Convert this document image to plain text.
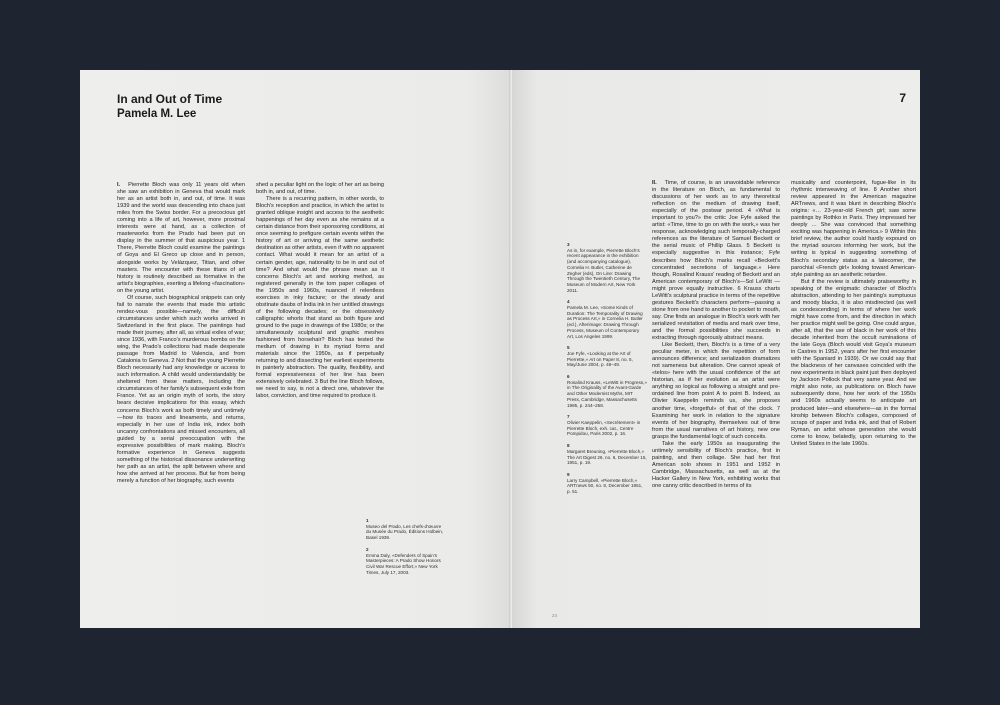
In and Out of Time
Pamela M. Lee

I. Pierrette Bloch was only 11 years old when she saw an exhibition in Geneva that would mark her as an artist both in, and out, of time. It was 1939 and the world was descending into chaos just miles from the Swiss border. For a precocious girl coming into a life of art, however, more proximal interests were at hand, as a collection of masterworks from the Prado had been put on display in the summer of that auspicious year. 1 There, Pierrette Bloch could examine the paintings of Goya and El Greco up close and in person, alongside works by Velázquez, Titian, and other masters. The encounter with these titans of art history is routinely described as formative in the artist's biographies, exerting a lifelong «fascination» on the young artist.

Of course, such biographical snippets can only fail to narrate the events that made this artistic rendez-vous possible—namely, the difficult circumstances under which such works arrived in Switzerland in the first place. The paintings had made their journey, after all, as virtual exiles of war; since 1936, with Franco's murderous bombs on the wing, the Prado's collections had made desperate passage from Madrid to Valencia, and from Catalonia to Geneva. 2 Not that the young Pierrette Bloch necessarily had any knowledge or access to such information. A child would understandably be sheltered from these matters, including the circumstances of her family's subsequent exile from France. Yet as an origin myth of sorts, the story bears decisive implications for this essay, which concerns Bloch's work as both timely and untimely—how its traces and lineaments, and returns, especially in her use of India ink, index both uncanny confrontations and missed encounters, all guided by a serial preoccupation with the expressive possibilities of mark making. Bloch's formative experience in Geneva suggests something of the historical dissonance underwriting her path as an artist, the split between where and how she arrived at her process. But far from being merely a function of her biography, such events

shed a peculiar light on the logic of her art as being both in, and out, of time.

There is a recurring pattern, in other words, to Bloch's reception and practice, in which the artist is granted oblique insight and access to the aesthetic happenings of her day even as she remains at a certain distance from their sponsoring conditions, at once seeming to prefigure certain events within the history of art or arriving at the same aesthetic destination as other artists, even if with no apparent contact. What would it mean for an artist of a certain gender, age, nationality to be in and out of time? And what would the phrase mean as it concerns Bloch's art and working method, as registered generally in the torn paper collages of the 1950s and 1960s, nuanced if relentless exercises in inky facture; or the steady and obstinate daubs of India ink in her untitled drawings of the following decades; or the obsessively calligraphic whorls that stand as both figure and ground to the page in drawings of the 1980s; or the simultaneously sculptural and graphic meshes fashioned from horsehair? Bloch has tested the medium of drawing in its myriad forms and materials since the 1950s, as if perpetually returning to and dissecting her earliest experiments in painterly abstraction. The quality, flexibility, and formal expressiveness of her line has been extensively celebrated. 3 But the line Bloch follows, we need to say, is not a direct one, whatever the labor, conviction, and time required to produce it.

1
Museo del Prado, Les chefs-d'œuvre du Musée du Prado, Éditions Holbein, Basel 1939.
2
Emma Daly, «Defenders of Spain's Masterpieces: A Prado Show Honors Civil War Rescue Effort,» New York Times, July 17, 2003.
7
3
As in, for example, Pierrette Bloch's recent appearance in the exhibition (and accompanying catalogue), Cornelia H. Butler, Catherine de Zegher (eds), On Line: Drawing Through the Twentieth Century, The Museum of Modern Art, New York 2011.
4
Pamela M. Lee, «Some Kinds of Duration: The Temporality of Drawing as Process Art,» in Cornelia H. Butler (ed.), Afterimage: Drawing Through Process, Museum of Contemporary Art, Los Angeles 1999.
5
Joe Fyfe, «Looking at the Art of Pierrette,» Art on Paper 8, no. 5, May/June 2004, p. 48–49.
6
Rosalind Krauss, «LeWitt in Progress,» in The Originality of the Avant-Garde and Other Modernist Myths, MIT Press, Cambridge, Massachusetts 1985, p. 244–258.
7
Olivier Kaeppelin, «Secrètement» in Pierrette Bloch, exh. cat., Centre Pompidou, Paris 2002, p. 16.
8
Margaret Breuning, «Pierrette Bloch,» The Art Digest 26, no. 6, December 15, 1951, p. 19.
9
Larry Campbell, «Pierrette Bloch,» ARTnews 50, no. 8, December 1951, p. 51.

II. Time, of course, is an unavoidable reference in the literature on Bloch, as fundamental to discussions of her work as to any theoretical reflection on the medium of drawing itself, especially of the postwar period. 4 «What is important to you?» the critic Joe Fyfe asked the artist: «Time, time to go on with the work,» was her response, acknowledging such temporally-charged references as the literature of Samuel Beckett or the serial music of Phillip Glass. 5 Beckett is especially suggestive in this instance; Fyfe describes how Bloch's marks recall «Beckett's concentrated secretions of language.» Here though, Rosalind Krauss' reading of Beckett and an American contemporary of Bloch's—Sol LeWitt — might prove equally instructive. 6 Krauss charts LeWitt's sculptural practice in terms of the repetitive gestures Beckett's characters perform—passing a stone from one hand to another to pocket to mouth, say. One finds an analogue in Bloch's work with her serialized revisitation of media and mark over time, and the formal possibilities she succeeds in extracting through rigorously abstract means.

Like Beckett, then, Bloch's is a time of a very peculiar meter, in which the repetition of form announces difference; and serialization dramatizes not sameness but alteration. One cannot speak of «telos» here with the usual confidence of the art historian, as if her evolution as an artist were anything so logical as following a straight and pre-ordained line from point A to point B. Indeed, as Olivier Kaeppelin reminds us, she proposes another time, «forgetful» of that of the clock. 7 Examining her work in relation to the signature events of her biography, themselves out of time from the usual narratives of art history, new one grasps the fundamental logic of such conceits.

Take the early 1950s as inaugurating the untimely sensibility of Bloch's practice, first in painting, and then collage. She had her first American solo shows in 1951 and 1952 in Cambridge, Massachusetts, as well as at the Hacker Gallery in New York, exhibiting works that one canny critic described in terms of its

musicality and counterpoint, fugue-like in its rhythmic interweaving of line. 8 Another short review appeared in the American magazine ARTnews, and it was blunt in describing Bloch's origins: «… 23-year-old French girl; saw some paintings by Rothko in Paris. They impressed her deeply … She was convinced that something exciting was happening in America.» 9 Within this brief review, the author could hardly expound on the myriad sources informing her work, but the writing is typical in suggesting something of Bloch's secondary status as a latecomer, the parochial «French girl» looking toward American-style painting as an aesthetic retardee.

But if the review is ultimately praiseworthy in speaking of the enigmatic character of Bloch's abstraction, attending to her painting's sumptuous and moody blacks, it is also misdirected (as well as condescending) in terms of where her work might have come from, and the direction in which her practice might well be going. One could argue, after all, that the use of black in her work of this decade inherited from the occult ruminations of the late Goya (Bloch would visit Goya's museum in Castres in 1952, years after her first encounter with the Spaniard in 1939). Or we could say that the blackness of her canvases coincided with the new experiments in black paint just then deployed by Jackson Pollock that very same year. And we might also note, as publications on Bloch have subsequently done, how her work of the 1950s and 1960s actually seems to anticipate art produced later—and elsewhere—as in the formal kinship between Bloch's collages, composed of scraps of paper and India ink, and that of Robert Ryman, an artist whose generation she would come to know, belatedly, upon returning to the United States in the late 1960s.

24
